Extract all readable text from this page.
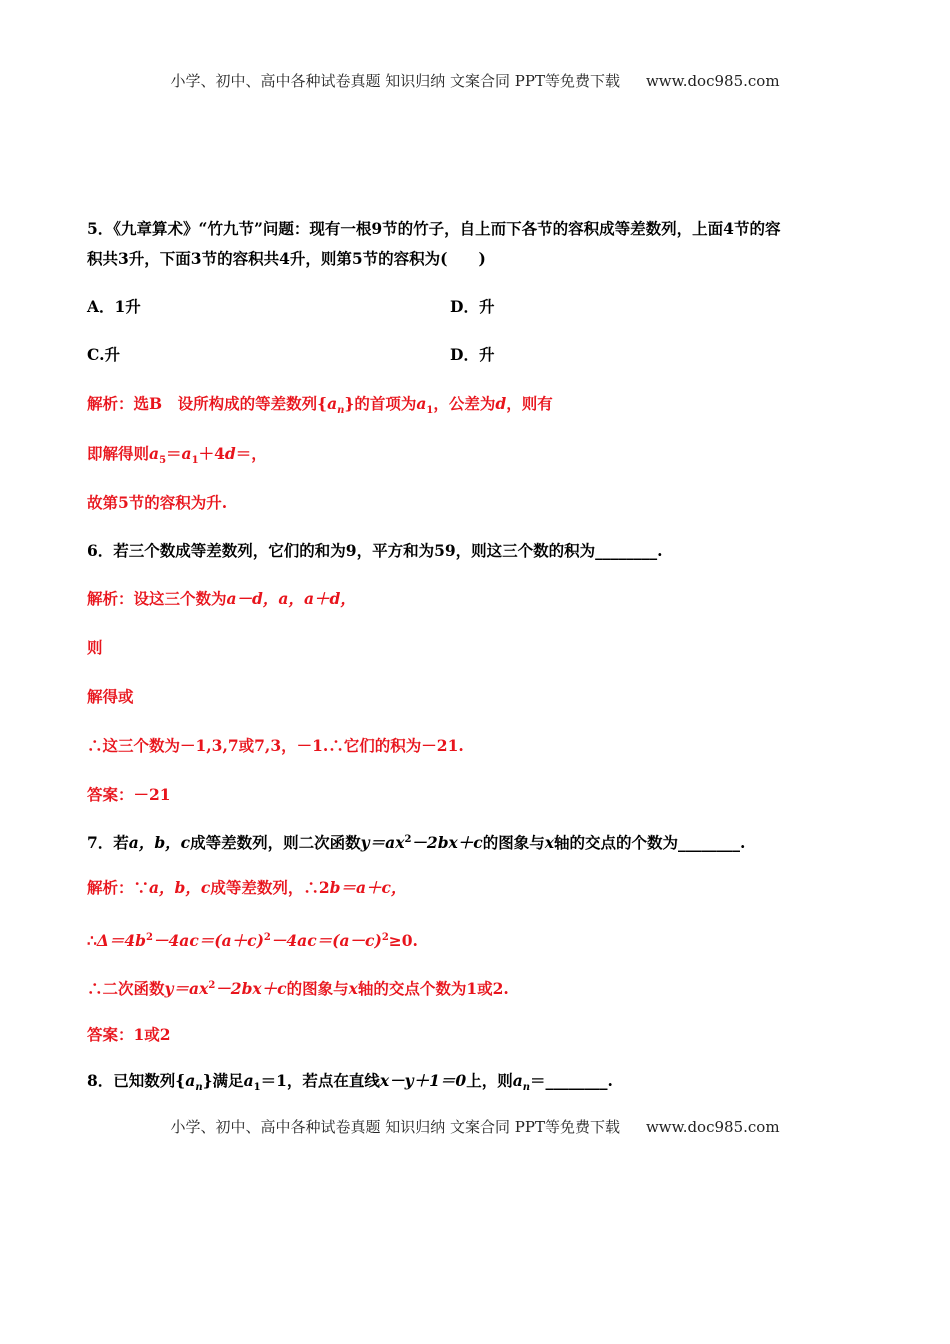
小学、初中、高中各种试卷真题 知识归纳 文案合同 PPT等免费下载 www.doc985.com
5．《九章算术》“竹九节”问题：现有一根9节的竹子，自上而下各节的容积成等差数列，上面4节的容
积共3升，下面3节的容积共4升，则第5节的容积为(　　)
A．1升	D．升
C.升	D．升
解析：选B　设所构成的等差数列$\{a_n\}$的首项为$a_1$，公差为d，则有
即解得则$a_5=a_1+4d=$，
故第5节的容积为升.
6．若三个数成等差数列，它们的和为9，平方和为59，则这三个数的积为________.
解析：设这三个数为a－d，a，a＋d，
则
解得或
∴这三个数为－1,3,7或7,3，－1.∴它们的积为－21.
答案：－21
7．若a，b，c成等差数列，则二次函数$y=ax^2-2bx+c$的图象与x轴的交点的个数为________.
解析：∵a，b，c成等差数列，∴2b＝a＋c，
$\therefore\Delta=4b^2-4ac=(a+c)^2-4ac=(a-c)^2\ge 0$.
∴二次函数$y=ax^2-2bx+c$的图象与x轴的交点个数为1或2.
答案：1或2
8．已知数列$\{a_n\}$满足$a_1=1$，若点在直线x－y＋1＝0上，则$a_n=\_\_\_\_\_\_\_\_$.
小学、初中、高中各种试卷真题 知识归纳 文案合同 PPT等免费下载 www.doc985.com
